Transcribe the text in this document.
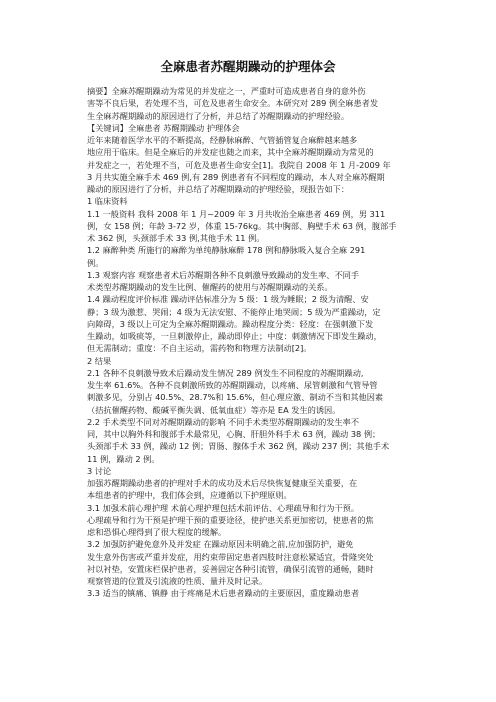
全麻患者苏醒期躁动的护理体会
摘要】全麻苏醒期躁动为常见的并发症之一，严重时可造成患者自身的意外伤
害等不良后果，若处理不当，可危及患者生命安全。本研究对 289 例全麻患者发
生全麻苏醒期躁动的原因进行了分析，并总结了苏醒期躁动的护理经验。
【关键词】全麻患者 苏醒期躁动 护理体会
近年来随着医学水平的不断提高，经静脉麻醉、气管插管复合麻醉越来越多
地应用于临床。但是全麻后的并发症也随之而来，其中全麻苏醒期躁动为常见的
并发症之一，若处理不当，可危及患者生命安全[1]。我院自 2008 年 1 月-2009 年
3 月共实施全麻手术 469 例,有 289 例患者有不同程度的躁动，本人对全麻苏醒期
躁动的原因进行了分析，并总结了苏醒期躁动的护理经验，现报告如下：
1 临床资料
1.1 一般资料 我科 2008 年 1 月~2009 年 3 月共收治全麻患者 469 例，男 311
例，女 158 例；年龄 3-72 岁，体重 15-76kg。其中胸部、胸壁手术 63 例，腹部手
术 362 例，头颈部手术 33 例,其他手术 11 例。
1.2 麻醉种类 所施行的麻醉为单纯静脉麻醉 178 例和静脉吸入复合全麻 291
例。
1.3 观察内容 观察患者术后苏醒期各种不良刺激导致躁动的发生率、不同手
术类型苏醒期躁动的发生比例、催醒药的使用与苏醒期躁动的关系。
1.4 躁动程度评价标准 躁动评估标准分为 5 级：1 级为睡眠；2 级为清醒、安
静；3 级为激惹、哭闹；4 级为无法安慰、不能停止地哭闹；5 级为严重躁动，定
向障碍，3 级以上可定为全麻苏醒期躁动。躁动程度分类：轻度：在强刺激下发
生躁动，如吸痰等，一旦刺激停止，躁动即停止；中度：刺激情况下即发生躁动，
但无需制动；重度：不自主运动，需药物和物理方法制动[2]。
2 结果
2.1 各种不良刺激导致术后躁动发生情况 289 例发生不同程度的苏醒期躁动,
发生率 61.6%。各种不良刺激所致的苏醒期躁动，以疼痛、尿管刺激和气管导管
刺激多见，分别占 40.5%、28.7%和 15.6%，但心理应激、制动不当和其他因素
（拮抗催醒药物、酸碱平衡失调、低氧血症）等亦是 EA 发生的诱因。
2.2 手术类型不同对苏醒期躁动的影响 不同手术类型苏醒期躁动的发生率不
同，其中以胸外科和腹部手术最常见，心胸、肝胆外科手术 63 例，躁动 38 例；
头颈部手术 33 例，躁动 12 例；胃肠、腺体手术 362 例，躁动 237 例；其他手术
11 例，躁动 2 例。
3 讨论
加强苏醒期躁动患者的护理对手术的成功及术后尽快恢复健康至关重要，在
本组患者的护理中，我们体会到，应遵循以下护理原则。
3.1 加强术前心理护理 术前心理护理包括术前评估、心理疏导和行为干预。
心理疏导和行为干预是护理干预的重要途径，使护患关系更加密切，使患者的焦
虑和恐惧心理得到了很大程度的缓解。
3.2 加强防护避免意外及并发症 在躁动原因未明确之前,应加强防护，避免
发生意外伤害或严重并发症，用约束带固定患者四肢时注意松紧适宜，骨隆突处
衬以衬垫，安置床栏保护患者，妥善固定各种引流管，确保引流管的通畅，随时
观察管道的位置及引流液的性质、量并及时记录。
3.3 适当的镇痛、镇静 由于疼痛是术后患者躁动的主要原因，重度躁动患者
